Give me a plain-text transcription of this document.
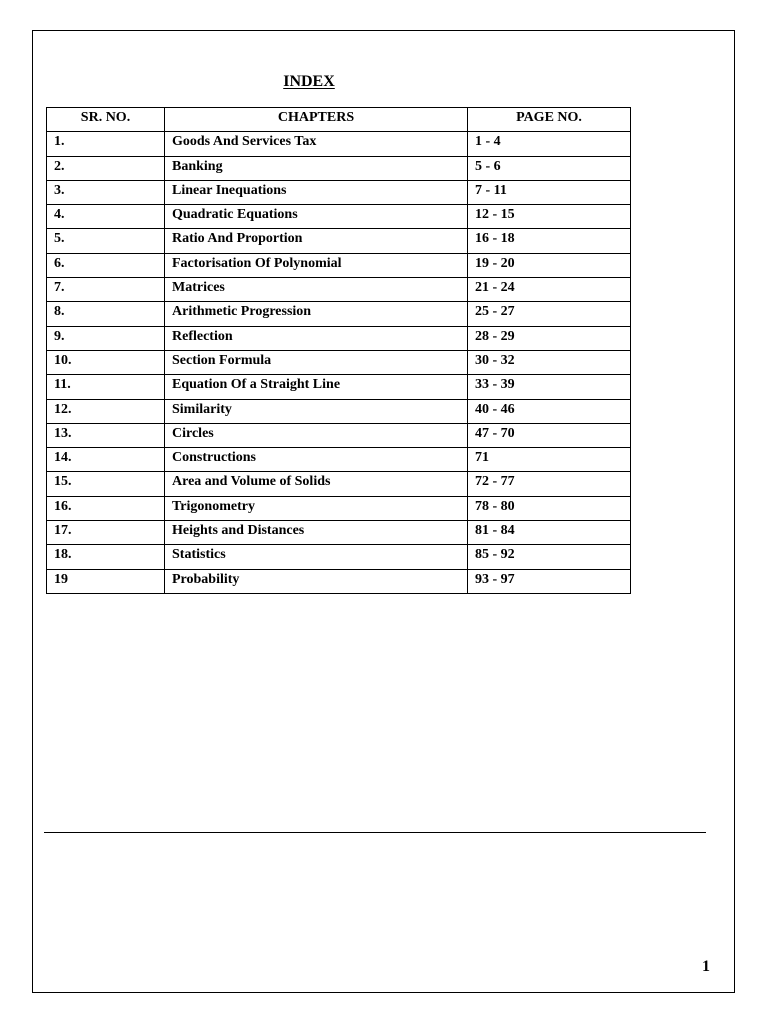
INDEX
SR. NO.	CHAPTERS	PAGE NO.
1.	Goods And Services Tax	1 - 4
2.	Banking	5 - 6
3.	Linear Inequations	7 - 11
4.	Quadratic Equations	12 - 15
5.	Ratio And Proportion	16 - 18
6.	Factorisation Of Polynomial	19 - 20
7.	Matrices	21 - 24
8.	Arithmetic Progression	25 - 27
9.	Reflection	28 - 29
10.	Section Formula	30 - 32
11.	Equation Of a Straight Line	33 - 39
12.	Similarity	40 - 46
13.	Circles	47 - 70
14.	Constructions	71
15.	Area and Volume of Solids	72 - 77
16.	Trigonometry	78 - 80
17.	Heights and Distances	81 - 84
18.	Statistics	85 - 92
19	Probability	93 - 97
1
